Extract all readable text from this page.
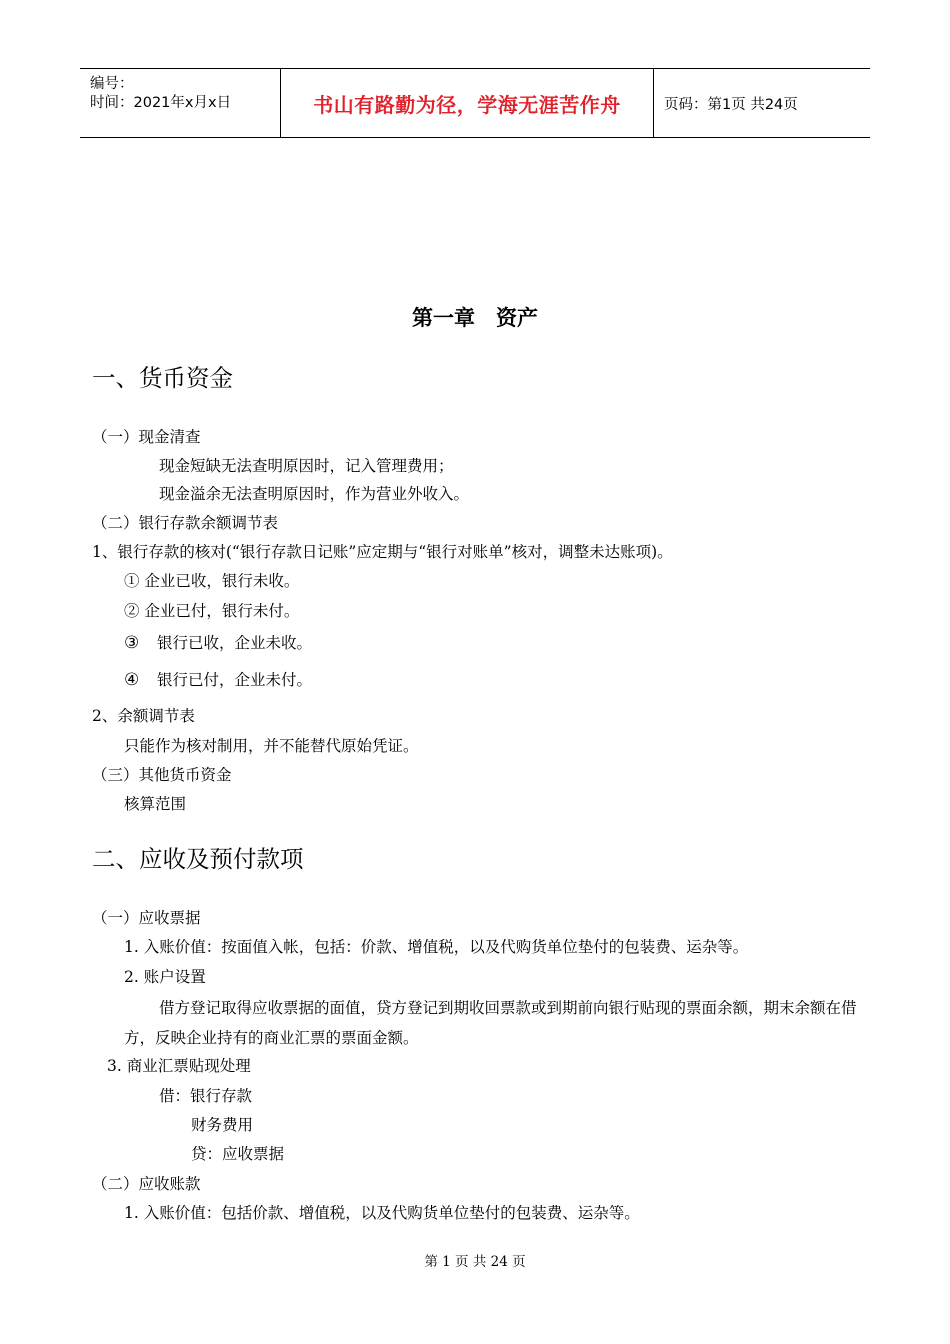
编号：
时间：2021年x月x日	书山有路勤为径，学海无涯苦作舟	页码：第1页 共24页
第一章　资产
一、货币资金
（一）现金清查
现金短缺无法查明原因时，记入管理费用；
现金溢余无法查明原因时，作为营业外收入。
（二）银行存款余额调节表
1、银行存款的核对(“银行存款日记账”应定期与“银行对账单”核对，调整未达账项)。
① 企业已收，银行未收。
② 企业已付，银行未付。
③ 银行已收，企业未收。
④ 银行已付，企业未付。
2、余额调节表
只能作为核对制用，并不能替代原始凭证。
（三）其他货币资金
核算范围
二、应收及预付款项
（一）应收票据
1. 入账价值：按面值入帐，包括：价款、增值税，以及代购货单位垫付的包装费、运杂等。
2. 账户设置
借方登记取得应收票据的面值，贷方登记到期收回票款或到期前向银行贴现的票面余额，期末余额在借方，反映企业持有的商业汇票的票面金额。
3. 商业汇票贴现处理
借：银行存款
财务费用
贷：应收票据
（二）应收账款
1. 入账价值：包括价款、增值税，以及代购货单位垫付的包装费、运杂等。
第 1 页 共 24 页
